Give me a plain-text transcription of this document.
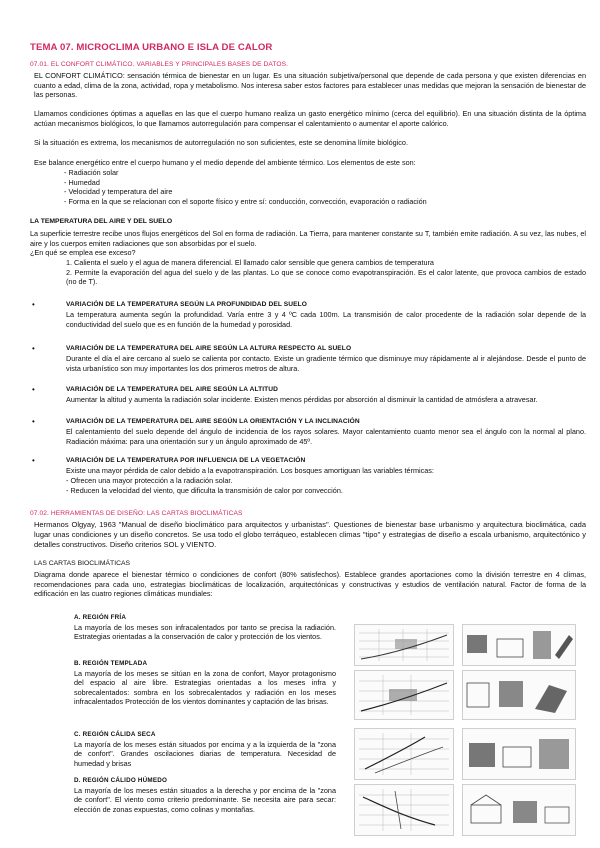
TEMA 07. MICROCLIMA URBANO E ISLA DE CALOR
07.01. EL CONFORT CLIMÁTICO. VARIABLES Y PRINCIPALES BASES DE DATOS.

EL CONFORT CLIMÁTICO: sensación térmica de bienestar en un lugar. Es una situación subjetiva/personal que depende de cada persona y que existen diferencias en cuanto a edad, clima de la zona, actividad, ropa y metabolismo. Nos interesa saber estos factores para establecer unas medidas que mejoran la sensación de bienestar de las personas.

Llamamos condiciones óptimas a aquellas en las que el cuerpo humano realiza un gasto energético mínimo (cerca del equilibrio). En una situación distinta de la óptima actúan mecanismos biológicos, lo que llamamos autorregulación para compensar el calentamiento o aumentar el aporte calórico.

Si la situación es extrema, los mecanismos de autorregulación no son suficientes, este se denomina límite biológico.

Ese balance energético entre el cuerpo humano y el medio depende del ambiente térmico. Los elementos de este son:

- Radiación solar
- Humedad
- Velocidad y temperatura del aire
- Forma en la que se relacionan con el soporte físico y entre sí: conducción, convección, evaporación o radiación
LA TEMPERATURA DEL AIRE Y DEL SUELO

La superficie terrestre recibe unos flujos energéticos del Sol en forma de radiación. La Tierra, para mantener constante su T, también emite radiación. A su vez, las nubes, el aire y los cuerpos emiten radiaciones que son absorbidas por el suelo.

¿En qué se emplea ese exceso?

1. Calienta el suelo y el agua de manera diferencial. El llamado calor sensible que genera cambios de temperatura
2. Permite la evaporación del agua del suelo y de las plantas. Lo que se conoce como evapotranspiración. Es el calor latente, que provoca cambios de estado (no de T).
•	VARIACIÓN DE LA TEMPERATURA SEGÚN LA PROFUNDIDAD DEL SUELO
La temperatura aumenta según la profundidad. Varía entre 3 y 4 ºC cada 100m. La transmisión de calor procedente de la radiación solar depende de la conductividad del suelo que es en función de la humedad y porosidad.
•	VARIACIÓN DE LA TEMPERATURA DEL AIRE SEGÚN LA ALTURA RESPECTO AL SUELO
Durante el día el aire cercano al suelo se calienta por contacto. Existe un gradiente térmico que disminuye muy rápidamente al ir alejándose. Desde el punto de vista urbanístico son muy importantes los dos primeros metros de altura.
•	VARIACIÓN DE LA TEMPERATURA DEL AIRE SEGÚN LA ALTITUD
Aumentar la altitud y aumenta la radiación solar incidente. Existen menos pérdidas por absorción al disminuir la cantidad de atmósfera a atravesar.
•	VARIACIÓN DE LA TEMPERATURA DEL AIRE SEGÚN LA ORIENTACIÓN Y LA INCLINACIÓN
El calentamiento del suelo depende del ángulo de incidencia de los rayos solares. Mayor calentamiento cuanto menor sea el ángulo con la normal al plano. Radiación máxima: para una orientación sur y un ángulo aproximado de 45º.
•	VARIACIÓN DE LA TEMPERATURA POR INFLUENCIA DE LA VEGETACIÓN
Existe una mayor pérdida de calor debido a la evapotranspiración. Los bosques amortiguan las variables térmicas:
- Ofrecen una mayor protección a la radiación solar.
- Reducen la velocidad del viento, que dificulta la transmisión de calor por convección.
07.02. HERRAMIENTAS DE DISEÑO: LAS CARTAS BIOCLIMÁTICAS

Hermanos Olgyay, 1963 "Manual de diseño bioclimático para arquitectos y urbanistas". Questiones de bienestar base urbanismo y arquitectura bioclimática, cada lugar unas condiciones y un diseño concretos. Se usa todo el globo terráqueo, establecen climas "tipo" y estrategias de diseño a escala urbanismo, arquitectónico y detalles constructivos. Diseño criterios SOL y VIENTO.

LAS CARTAS BIOCLIMÁTICAS

Diagrama donde aparece el bienestar térmico o condiciones de confort (80% satisfechos). Establece grandes aportaciones como la división terrestre en 4 climas, recomendaciones para cada uno, estrategias bioclimáticas de localización, arquitectónicas y constructivas y estudios de ventilación natural. Factor de forma de la edificación en las cuatro regiones climáticas mundiales:

A. REGIÓN FRÍA
La mayoría de los meses son infracalentados por tanto se precisa la radiación. Estrategias orientadas a la conservación de calor y protección de los vientos.
B. REGIÓN TEMPLADA
La mayoría de los meses se sitúan en la zona de confort, Mayor protagonismo del espacio al aire libre. Estrategias orientadas a los meses infra y sobrecalentados: sombra en los sobrecalentados y radiación en los meses infracalentados Protección de los vientos dominantes y captación de las brisas.
C. REGIÓN CÁLIDA SECA
La mayoría de los meses están situados por encima y a la izquierda de la "zona de confort". Grandes oscilaciones diarias de temperatura. Necesidad de humedad y brisas
D. REGIÓN CÁLIDO HÚMEDO
La mayoría de los meses están situados a la derecha y por encima de la "zona de confort". El viento como criterio predominante. Se necesita aire para secar: elección de zonas expuestas, como colinas y montañas.
